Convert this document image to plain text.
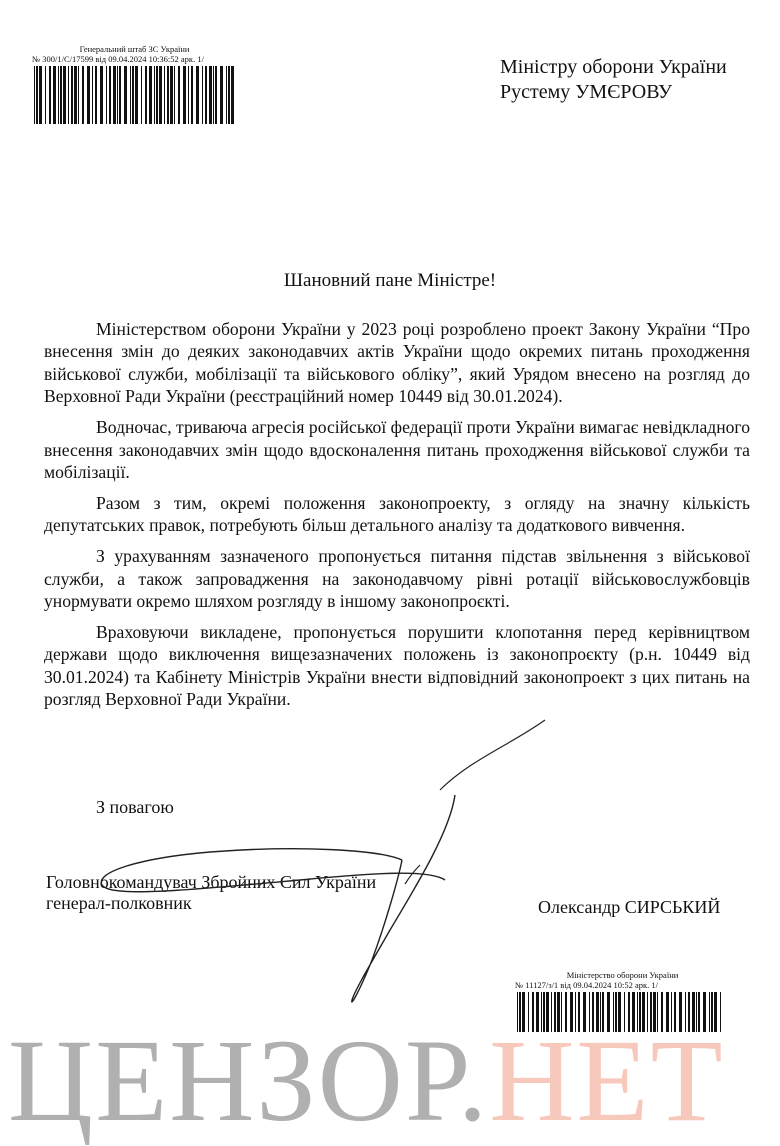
Генеральний штаб ЗС України
№ 300/1/С/17599 від 09.04.2024 10:36:52 арк. 1/	Міністру оборони України
Рустему УМЄРОВУ
Шановний пане Міністре!

Міністерством оборони України у 2023 році розроблено проект Закону України “Про внесення змін до деяких законодавчих актів України щодо окремих питань проходження військової служби, мобілізації та військового обліку”, який Урядом внесено на розгляд до Верховної Ради України (реєстраційний номер 10449 від 30.01.2024).

Водночас, триваюча агресія російської федерації проти України вимагає невідкладного внесення законодавчих змін щодо вдосконалення питань проходження військової служби та мобілізації.

Разом з тим, окремі положення законопроекту, з огляду на значну кількість депутатських правок, потребують більш детального аналізу та додаткового вивчення.

З урахуванням зазначеного пропонується питання підстав звільнення з військової служби, а також запровадження на законодавчому рівні ротації військовослужбовців унормувати окремо шляхом розгляду в іншому законопроєкті.

Враховуючи викладене, пропонується порушити клопотання перед керівництвом держави щодо виключення вищезазначених положень із законопроєкту (р.н. 10449 від 30.01.2024) та Кабінету Міністрів України внести відповідний законопроект з цих питань на розгляд Верховної Ради України.

З повагою
Головнокомандувач Збройних Сил України
генерал-полковник	Олександр СИРСЬКИЙ
Міністерство оборони України
№ 11127/з/1 від 09.04.2024 10:52 арк. 1/
ЦЕНЗОР.НЕТ
